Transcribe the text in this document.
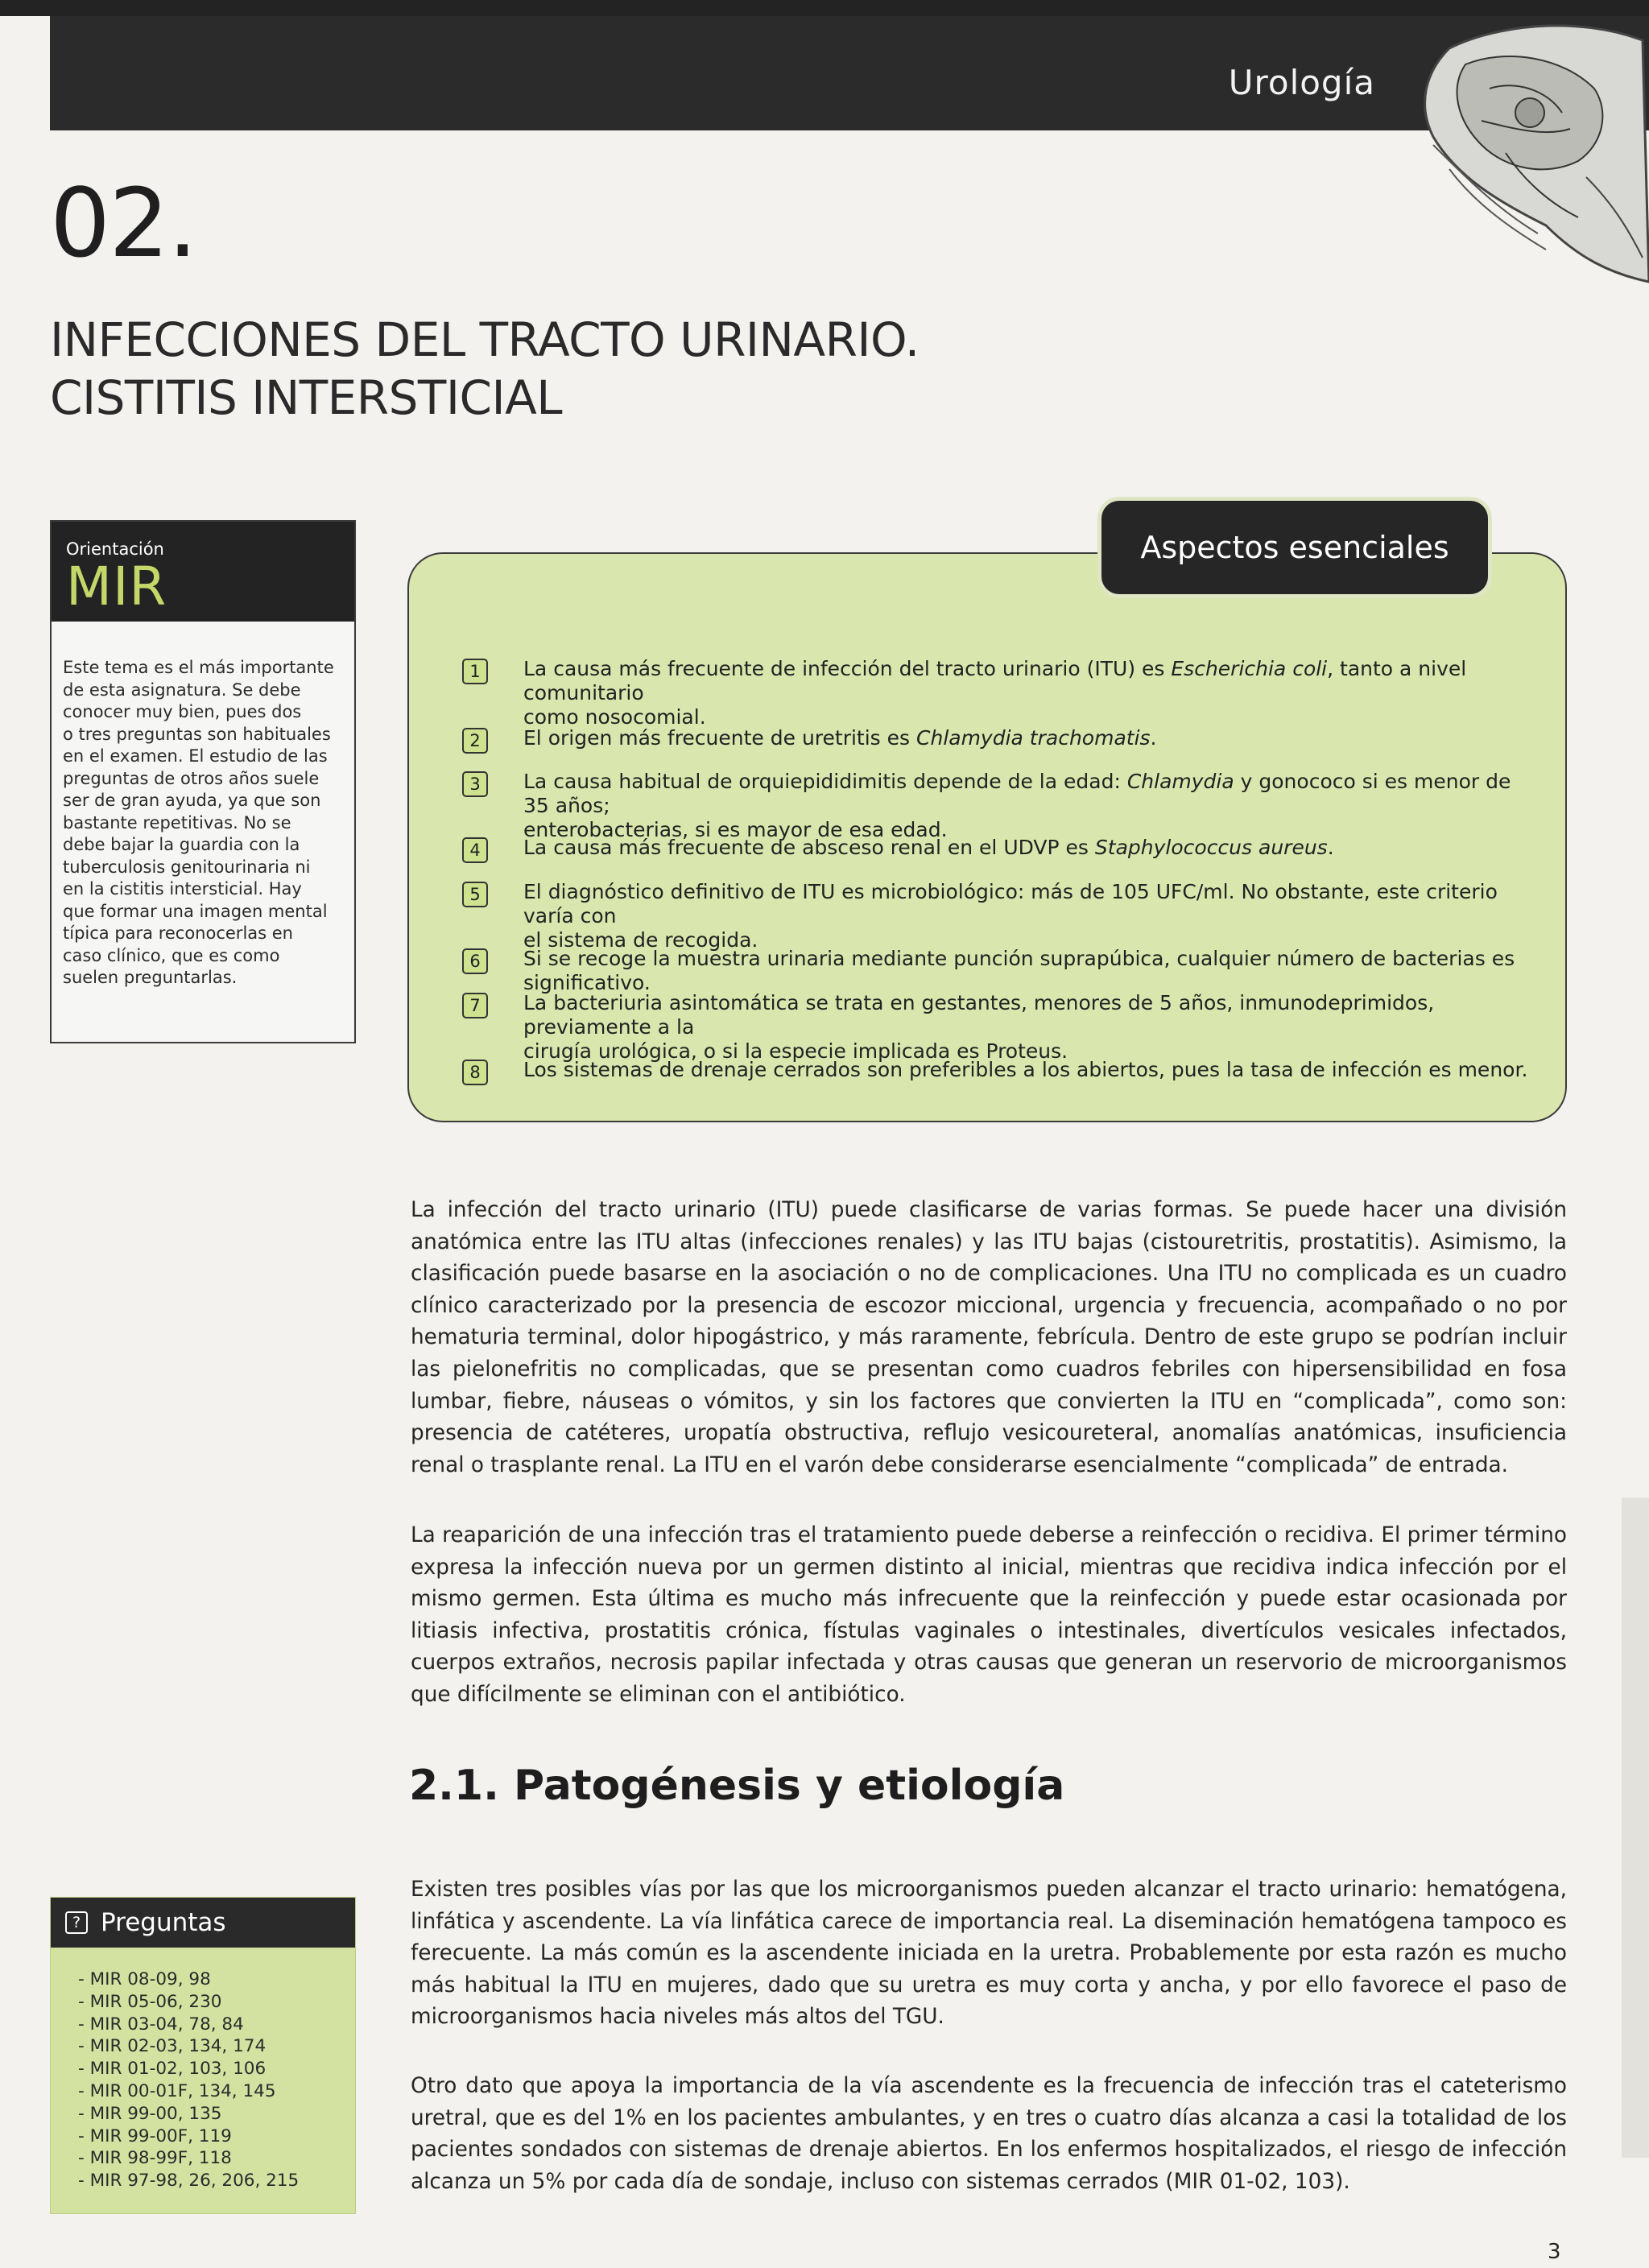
Urología
02.
INFECCIONES DEL TRACTO URINARIO.
CISTITIS INTERSTICIAL
Orientación
MIR
Este tema es el más importante
de esta asignatura. Se debe
conocer muy bien, pues dos
o tres preguntas son habituales
en el examen. El estudio de las
preguntas de otros años suele
ser de gran ayuda, ya que son
bastante repetitivas. No se
debe bajar la guardia con la
tuberculosis genitourinaria ni
en la cistitis intersticial. Hay
que formar una imagen mental
típica para reconocerlas en
caso clínico, que es como
suelen preguntarlas.
Aspectos esenciales
1	La causa más frecuente de infección del tracto urinario (ITU) es Escherichia coli, tanto a nivel comunitario
como nosocomial.
2	El origen más frecuente de uretritis es Chlamydia trachomatis.
3	La causa habitual de orquiepididimitis depende de la edad: Chlamydia y gonococo si es menor de 35 años;
enterobacterias, si es mayor de esa edad.
4	La causa más frecuente de absceso renal en el UDVP es Staphylococcus aureus.
5	El diagnóstico definitivo de ITU es microbiológico: más de 105 UFC/ml. No obstante, este criterio varía con
el sistema de recogida.
6	Si se recoge la muestra urinaria mediante punción suprapúbica, cualquier número de bacterias es significativo.
7	La bacteriuria asintomática se trata en gestantes, menores de 5 años, inmunodeprimidos, previamente a la
cirugía urológica, o si la especie implicada es Proteus.
8	Los sistemas de drenaje cerrados son preferibles a los abiertos, pues la tasa de infección es menor.

La infección del tracto urinario (ITU) puede clasificarse de varias formas. Se puede hacer una división anatómica entre las ITU altas (infecciones renales) y las ITU bajas (cistouretritis, prostatitis). Asimismo, la clasificación puede basarse en la asociación o no de complicaciones. Una ITU no complicada es un cuadro clínico caracterizado por la presencia de escozor miccional, urgencia y frecuencia, acompañado o no por hematuria terminal, dolor hipogástrico, y más raramente, febrícula. Dentro de este grupo se podrían incluir las pielonefritis no complicadas, que se presentan como cuadros febriles con hipersensibilidad en fosa lumbar, fiebre, náuseas o vómitos, y sin los factores que convierten la ITU en “complicada”, como son: presencia de catéteres, uropatía obstructiva, reflujo vesicoureteral, anomalías anatómicas, insuficiencia renal o trasplante renal. La ITU en el varón debe considerarse esencialmente “complicada” de entrada.

La reaparición de una infección tras el tratamiento puede deberse a reinfección o recidiva. El primer término expresa la infección nueva por un germen distinto al inicial, mientras que recidiva indica infección por el mismo germen. Esta última es mucho más infrecuente que la reinfección y puede estar ocasionada por litiasis infectiva, prostatitis crónica, fístulas vaginales o intestinales, divertículos vesicales infectados, cuerpos extraños, necrosis papilar infectada y otras causas que generan un reservorio de microorganismos que difícilmente se eliminan con el antibiótico.

2.1. Patogénesis y etiología

Existen tres posibles vías por las que los microorganismos pueden alcanzar el tracto urinario: hematógena, linfática y ascendente. La vía linfática carece de importancia real. La diseminación hematógena tampoco es ferecuente. La más común es la ascendente iniciada en la uretra. Probablemente por esta razón es mucho más habitual la ITU en mujeres, dado que su uretra es muy corta y ancha, y por ello favorece el paso de microorganismos hacia niveles más altos del TGU.

Otro dato que apoya la importancia de la vía ascendente es la frecuencia de infección tras el cateterismo uretral, que es del 1% en los pacientes ambulantes, y en tres o cuatro días alcanza a casi la totalidad de los pacientes sondados con sistemas de drenaje abiertos. En los enfermos hospitalizados, el riesgo de infección alcanza un 5% por cada día de sondaje, incluso con sistemas cerrados (MIR 01-02, 103).

? Preguntas
- MIR 08-09, 98
- MIR 05-06, 230
- MIR 03-04, 78, 84
- MIR 02-03, 134, 174
- MIR 01-02, 103, 106
- MIR 00-01F, 134, 145
- MIR 99-00, 135
- MIR 99-00F, 119
- MIR 98-99F, 118
- MIR 97-98, 26, 206, 215
3
